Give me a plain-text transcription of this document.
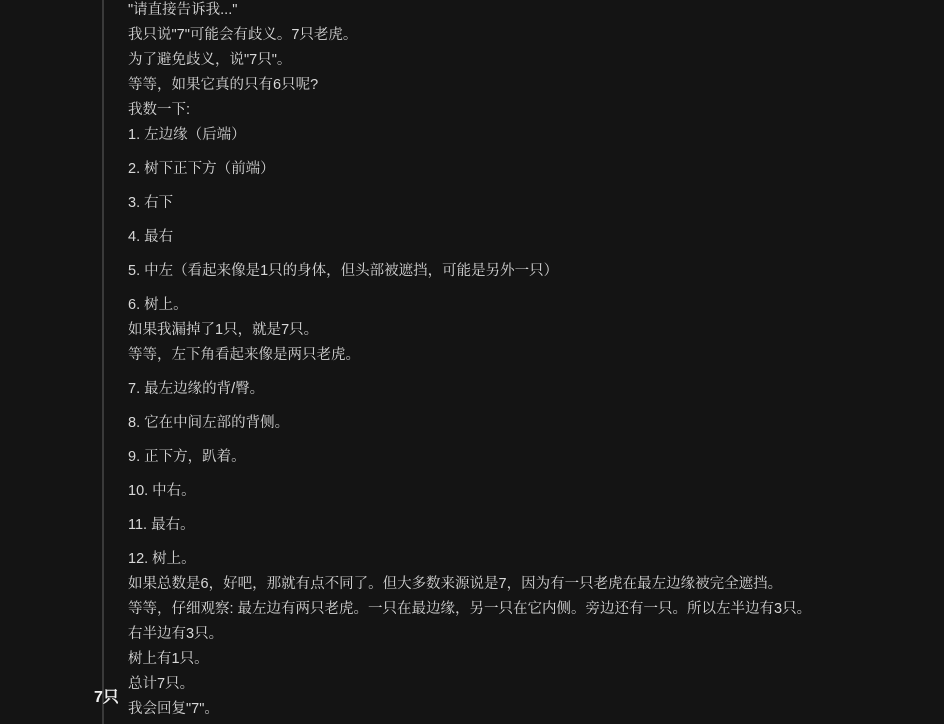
"请直接告诉我..."

我只说"7"可能会有歧义。7只老虎。

为了避免歧义，说"7只"。

等等，如果它真的只有6只呢?

我数一下:

1. 左边缘（后端）

2. 树下正下方（前端）

3. 右下

4. 最右

5. 中左（看起来像是1只的身体，但头部被遮挡，可能是另外一只）

6. 树上。

如果我漏掉了1只，就是7只。

等等，左下角看起来像是两只老虎。

7. 最左边缘的背/臀。

8. 它在中间左部的背侧。

9. 正下方，趴着。

10. 中右。

11. 最右。

12. 树上。

如果总数是6，好吧，那就有点不同了。但大多数来源说是7，因为有一只老虎在最左边缘被完全遮挡。

等等，仔细观察: 最左边有两只老虎。一只在最边缘，另一只在它内侧。旁边还有一只。所以左半边有3只。

右半边有3只。

树上有1只。

总计7只。

我会回复"7"。

7只
